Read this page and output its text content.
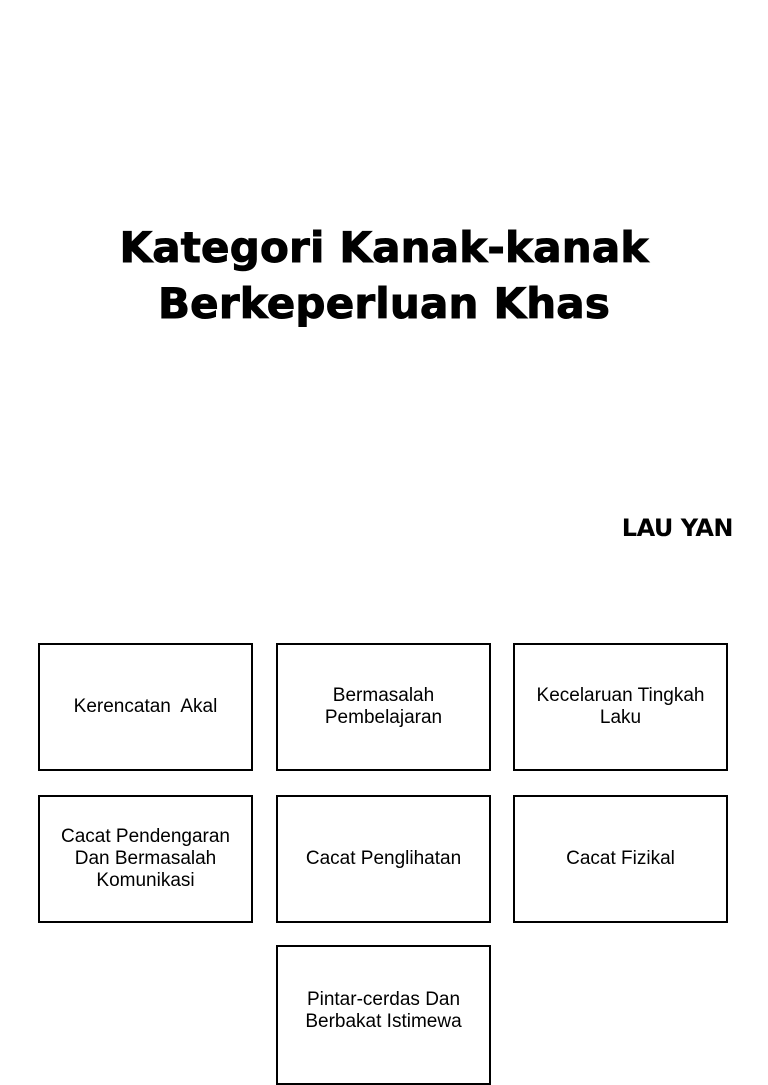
Kategori Kanak-kanak
Berkeperluan Khas
LAU YAN
Kerencatan  Akal
Bermasalah Pembelajaran
Kecelaruan Tingkah Laku
Cacat Pendengaran Dan Bermasalah Komunikasi
Cacat Penglihatan	Cacat Fizikal
Pintar-cerdas Dan Berbakat Istimewa
